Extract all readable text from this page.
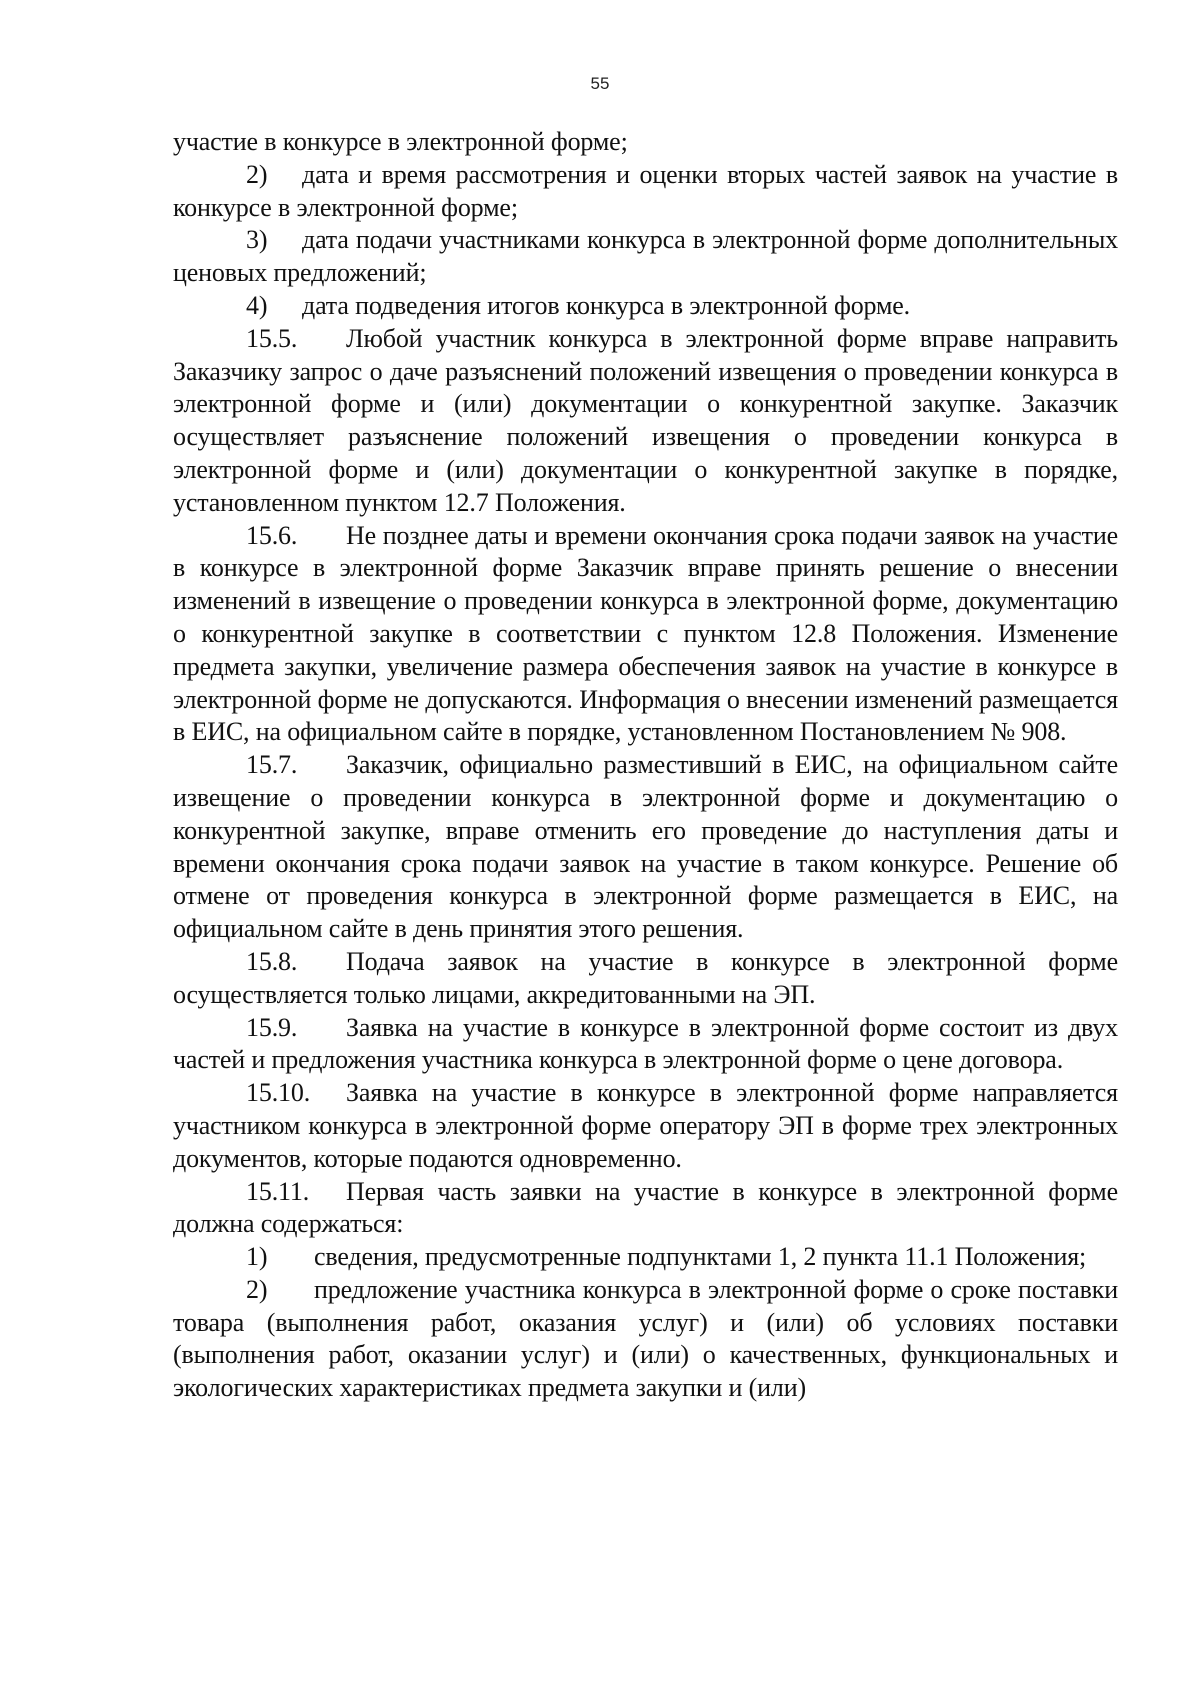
55

участие в конкурсе в электронной форме;

2) дата и время рассмотрения и оценки вторых частей заявок на участие в конкурсе в электронной форме;

3) дата подачи участниками конкурса в электронной форме дополнительных ценовых предложений;

4) дата подведения итогов конкурса в электронной форме.

15.5. Любой участник конкурса в электронной форме вправе направить Заказчику запрос о даче разъяснений положений извещения о проведении конкурса в электронной форме и (или) документации о конкурентной закупке. Заказчик осуществляет разъяснение положений извещения о проведении конкурса в электронной форме и (или) документации о конкурентной закупке в порядке, установленном пунктом 12.7 Положения.

15.6. Не позднее даты и времени окончания срока подачи заявок на участие в конкурсе в электронной форме Заказчик вправе принять решение о внесении изменений в извещение о проведении конкурса в электронной форме, документацию о конкурентной закупке в соответствии с пунктом 12.8 Положения. Изменение предмета закупки, увеличение размера обеспечения заявок на участие в конкурсе в электронной форме не допускаются. Информация о внесении изменений размещается в ЕИС, на официальном сайте в порядке, установленном Постановлением № 908.

15.7. Заказчик, официально разместивший в ЕИС, на официальном сайте извещение о проведении конкурса в электронной форме и документацию о конкурентной закупке, вправе отменить его проведение до наступления даты и времени окончания срока подачи заявок на участие в таком конкурсе. Решение об отмене от проведения конкурса в электронной форме размещается в ЕИС, на официальном сайте в день принятия этого решения.

15.8. Подача заявок на участие в конкурсе в электронной форме осуществляется только лицами, аккредитованными на ЭП.

15.9. Заявка на участие в конкурсе в электронной форме состоит из двух частей и предложения участника конкурса в электронной форме о цене договора.

15.10. Заявка на участие в конкурсе в электронной форме направляется участником конкурса в электронной форме оператору ЭП в форме трех электронных документов, которые подаются одновременно.

15.11. Первая часть заявки на участие в конкурсе в электронной форме должна содержаться:

1) сведения, предусмотренные подпунктами 1, 2 пункта 11.1 Положения;

2) предложение участника конкурса в электронной форме о сроке поставки товара (выполнения работ, оказания услуг) и (или) об условиях поставки (выполнения работ, оказании услуг) и (или) о качественных, функциональных и экологических характеристиках предмета закупки и (или)
